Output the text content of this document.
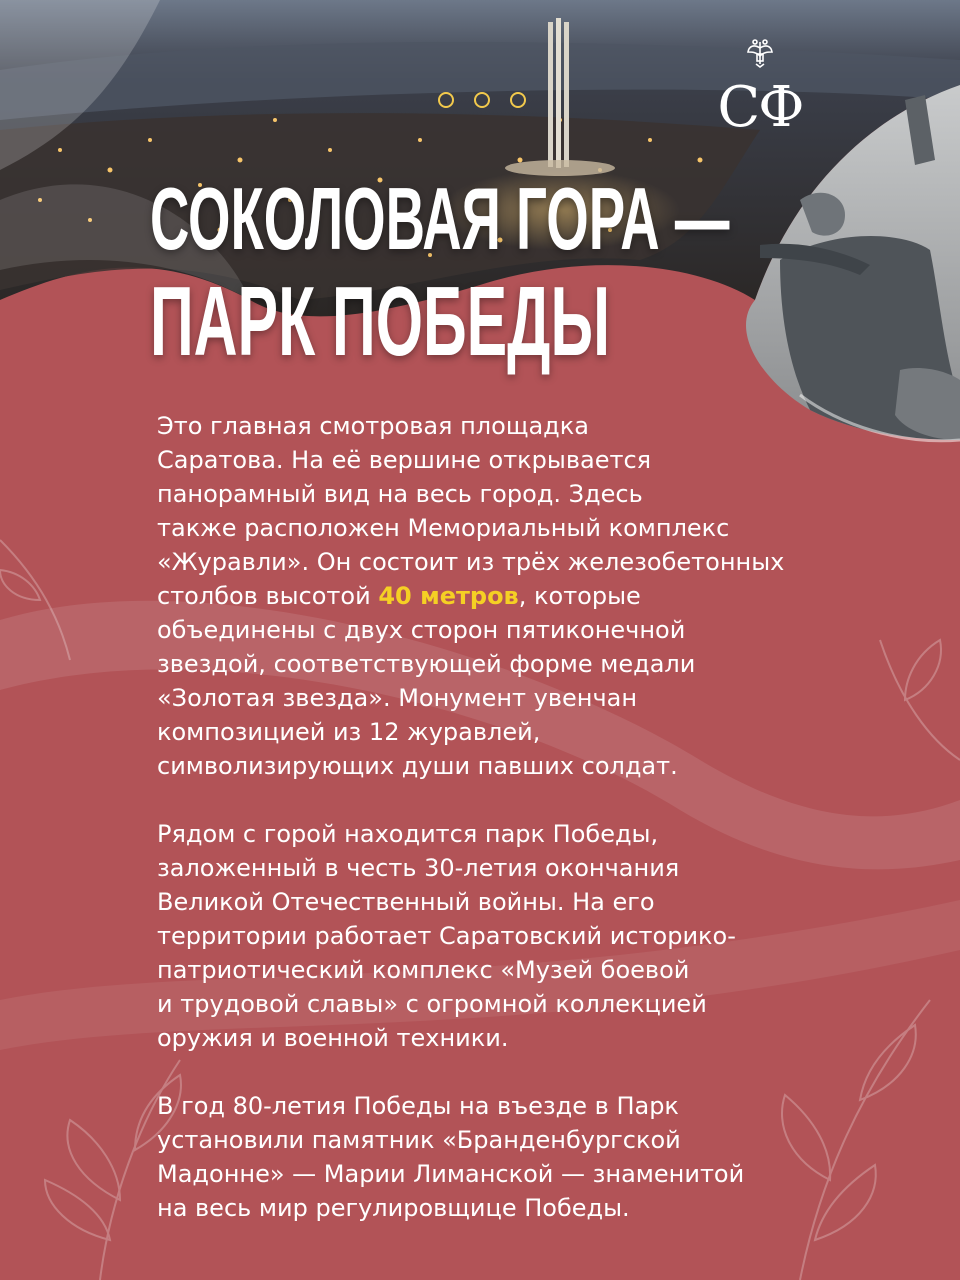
СФ
СОКОЛОВАЯ ГОРА —
ПАРК ПОБЕДЫ

Это главная смотровая площадка

Саратова. На её вершине открывается

панорамный вид на весь город. Здесь

также расположен Мемориальный комплекс

«Журавли». Он состоит из трёх железобетонных

столбов высотой 40 метров, которые

объединены с двух сторон пятиконечной

звездой, соответствующей форме медали

«Золотая звезда». Монумент увенчан

композицией из 12 журавлей,

символизирующих души павших солдат.

Рядом с горой находится парк Победы,

заложенный в честь 30-летия окончания

Великой Отечественный войны. На его

территории работает Саратовский историко-

патриотический комплекс «Музей боевой

и трудовой славы» с огромной коллекцией

оружия и военной техники.

В год 80-летия Победы на въезде в Парк

установили памятник «Бранденбургской

Мадонне» — Марии Лиманской — знаменитой

на весь мир регулировщице Победы.
